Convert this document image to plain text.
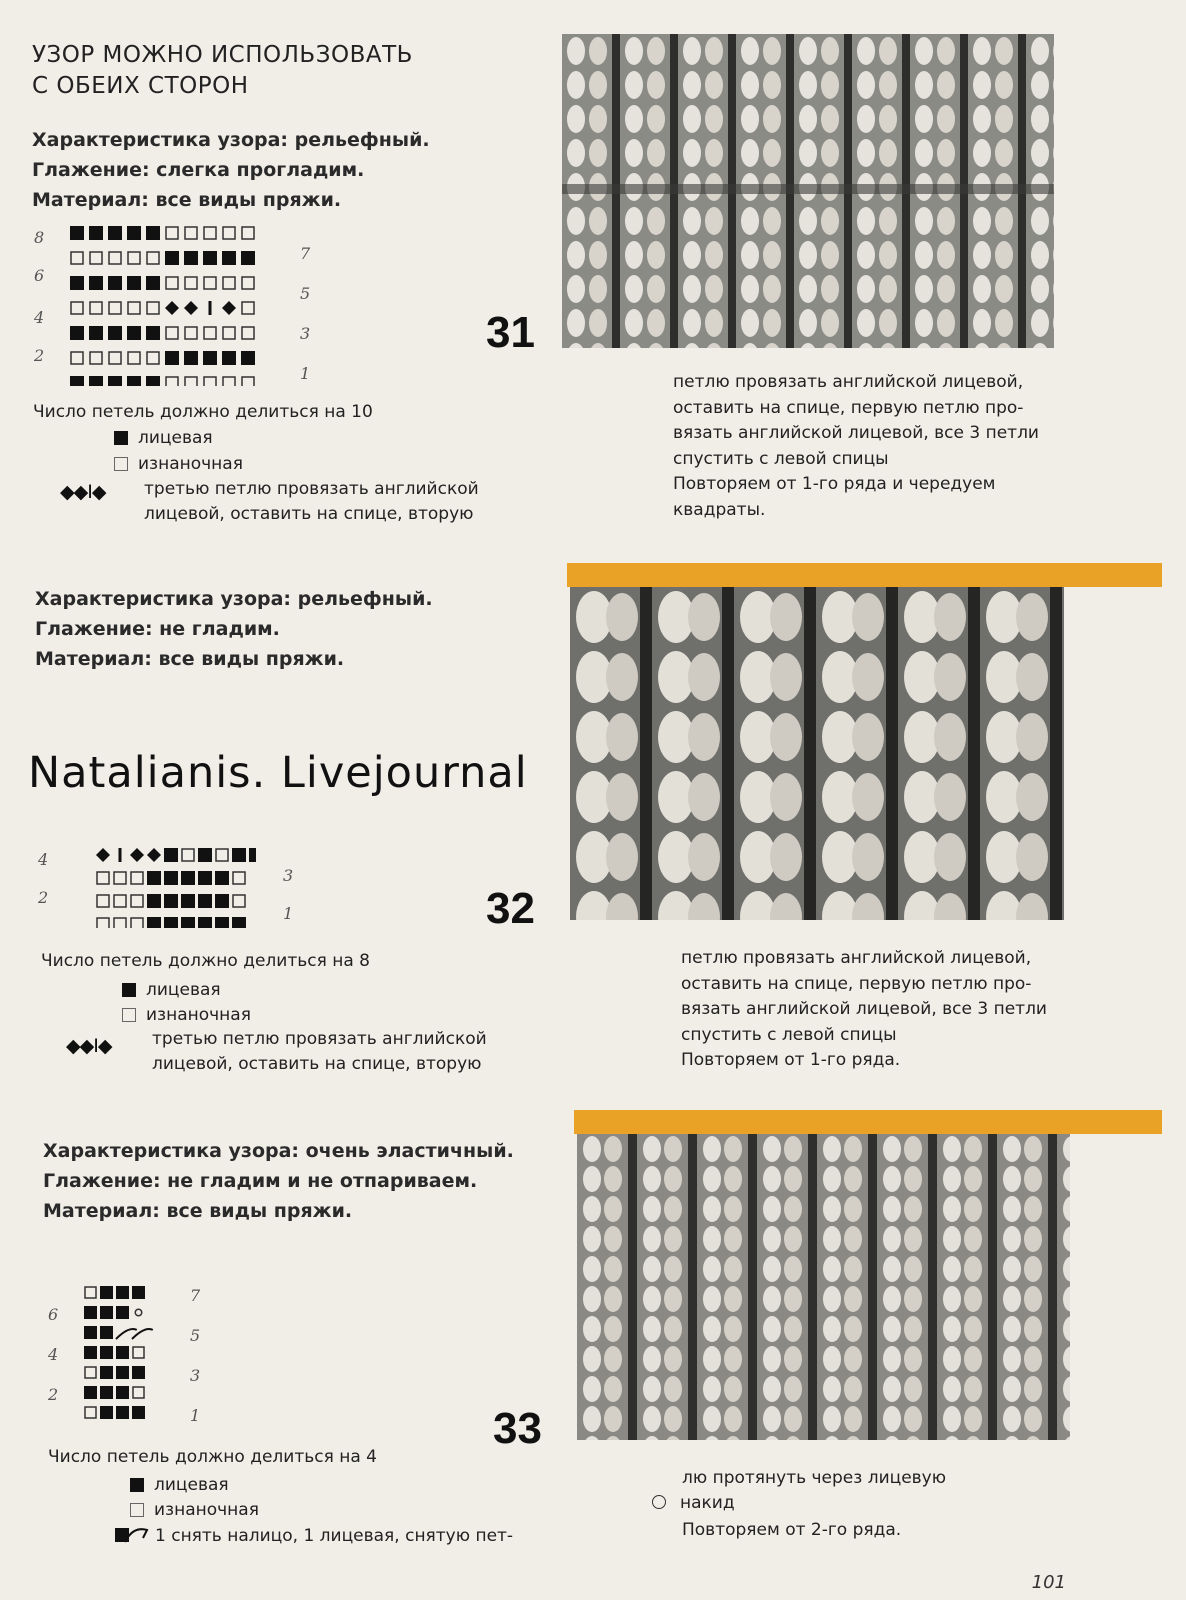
УЗОР МОЖНО ИСПОЛЬЗОВАТЬ
С ОБЕИХ СТОРОН
Характеристика узора: рельефный.
Глажение: слегка прогладим.
Материал: все виды пряжи.
8
6
4
2
7
5
3
1
31
Число петель должно делиться на 10
лицевая
изнаночная
◆◆I◆ третью петлю провязать английской
лицевой, оставить на спице, вторую
петлю провязать английской лицевой,
оставить на спице, первую петлю про-
вязать английской лицевой, все 3 петли
спустить с левой спицы
Повторяем от 1-го ряда и чередуем
квадраты.
Характеристика узора: рельефный.
Глажение: не гладим.
Материал: все виды пряжи.
Natalianis. Livejournal
4
2
3
1	32
Число петель должно делиться на 8
лицевая
изнаночная
◆◆I◆ третью петлю провязать английской
лицевой, оставить на спице, вторую
петлю провязать английской лицевой,
оставить на спице, первую петлю про-
вязать английской лицевой, все 3 петли
спустить с левой спицы
Повторяем от 1-го ряда.
Характеристика узора: очень эластичный.
Глажение: не гладим и не отпариваем.
Материал: все виды пряжи.
6
4
2
7
5
3
1	33
Число петель должно делиться на 4
лицевая
изнаночная
1 снять налицо, 1 лицевая, снятую пет-
лю протянуть через лицевую
накид
Повторяем от 2-го ряда.
101
